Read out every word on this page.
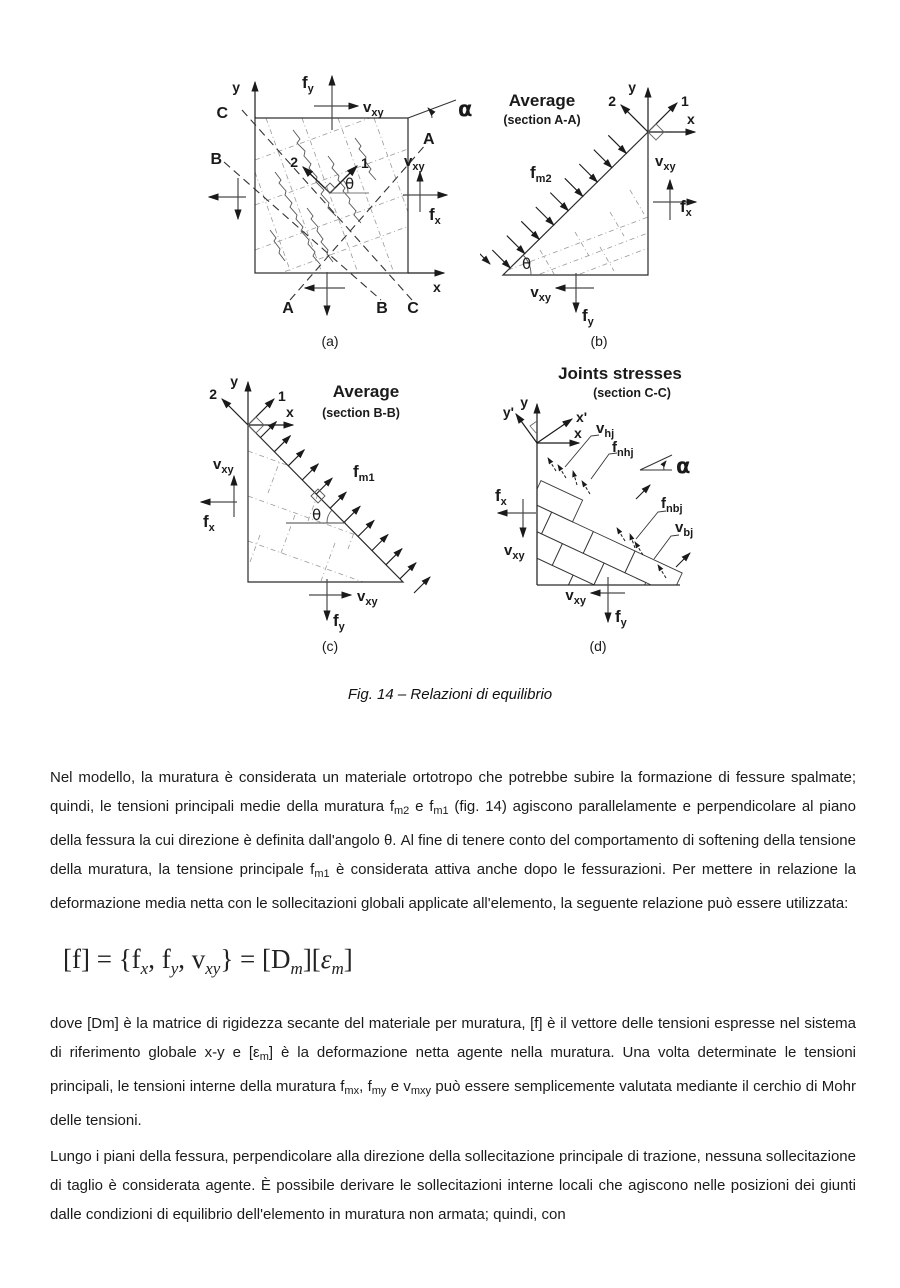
y
x
$f_y$
$v_{xy}$	α
A
C
B	$v_{xy}$
$f_x$
A	B C
1
2
θ
(a)
Average
(section A-A)
$f_{m2}$
y
x
1
2
θ
$v_{xy}$
$f_x$
$v_{xy}$
$f_y$
(b)
Average
(section B-B)
$f_{m1}$
y
x
1
2
θ
$v_{xy}$
$f_x$
$v_{xy}$
$f_y$
(c)
Joints stresses
(section C-C)
y
y'	x'
x $v_{hj}$
$f_{nhj}$
$f_{nbj}$
$v_{bj}$
α
$f_x$
$v_{xy}$
$v_{xy}$
$f_y$
(d)
Fig. 14 – Relazioni di equilibrio

Nel modello, la muratura è considerata un materiale ortotropo che potrebbe subire la formazione di fessure spalmate; quindi, le tensioni principali medie della muratura $f_{m2}$ e $f_{m1}$ (fig. 14) agiscono parallelamente e perpendicolare al piano della fessura la cui direzione è definita dall'angolo θ. Al fine di tenere conto del comportamento di softening della tensione della muratura, la tensione principale $f_{m1}$ è considerata attiva anche dopo le fessurazioni. Per mettere in relazione la deformazione media netta con le sollecitazioni globali applicate all'elemento, la seguente relazione può essere utilizzata:

$[f] = \{f_x$, $f_y$, $v_{xy}\} = [D_m][\varepsilon_m]$

dove [Dm] è la matrice di rigidezza secante del materiale per muratura, [f] è il vettore delle tensioni espresse nel sistema di riferimento globale x-y e $[\varepsilon_m]$ è la deformazione netta agente nella muratura. Una volta determinate le tensioni principali, le tensioni interne della muratura $f_{mx}$, $f_{my}$ e $v_{mxy}$ può essere semplicemente valutata mediante il cerchio di Mohr delle tensioni.

Lungo i piani della fessura, perpendicolare alla direzione della sollecitazione principale di trazione, nessuna sollecitazione di taglio è considerata agente. È possibile derivare le sollecitazioni interne locali che agiscono nelle posizioni dei giunti dalle condizioni di equilibrio dell'elemento in muratura non armata; quindi, con
